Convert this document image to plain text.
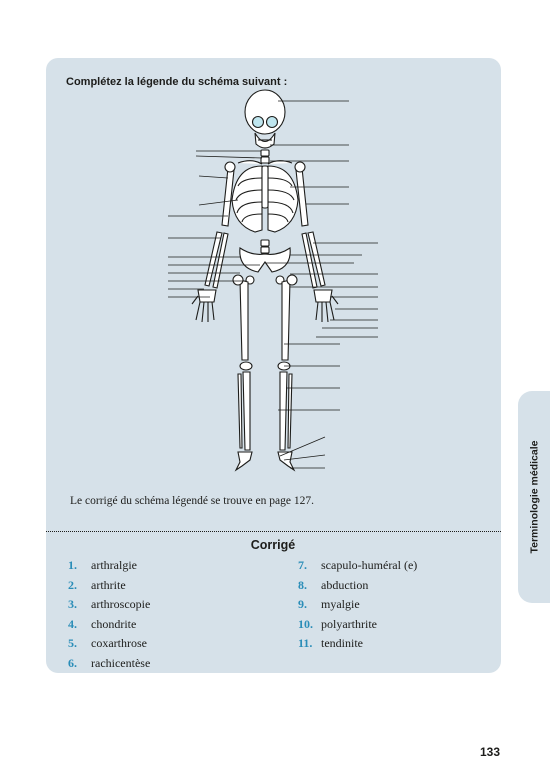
Complétez la légende du schéma suivant :
Le corrigé du schéma légendé se trouve en page 127.
Corrigé
1.	arthralgie
2.	arthrite
3.	arthroscopie
4.	chondrite
5.	coxarthrose
6.	rachicentèse
7.	scapulo-huméral (e)
8.	abduction
9.	myalgie
10. polyarthrite
11. tendinite
Terminologie médicale
133
